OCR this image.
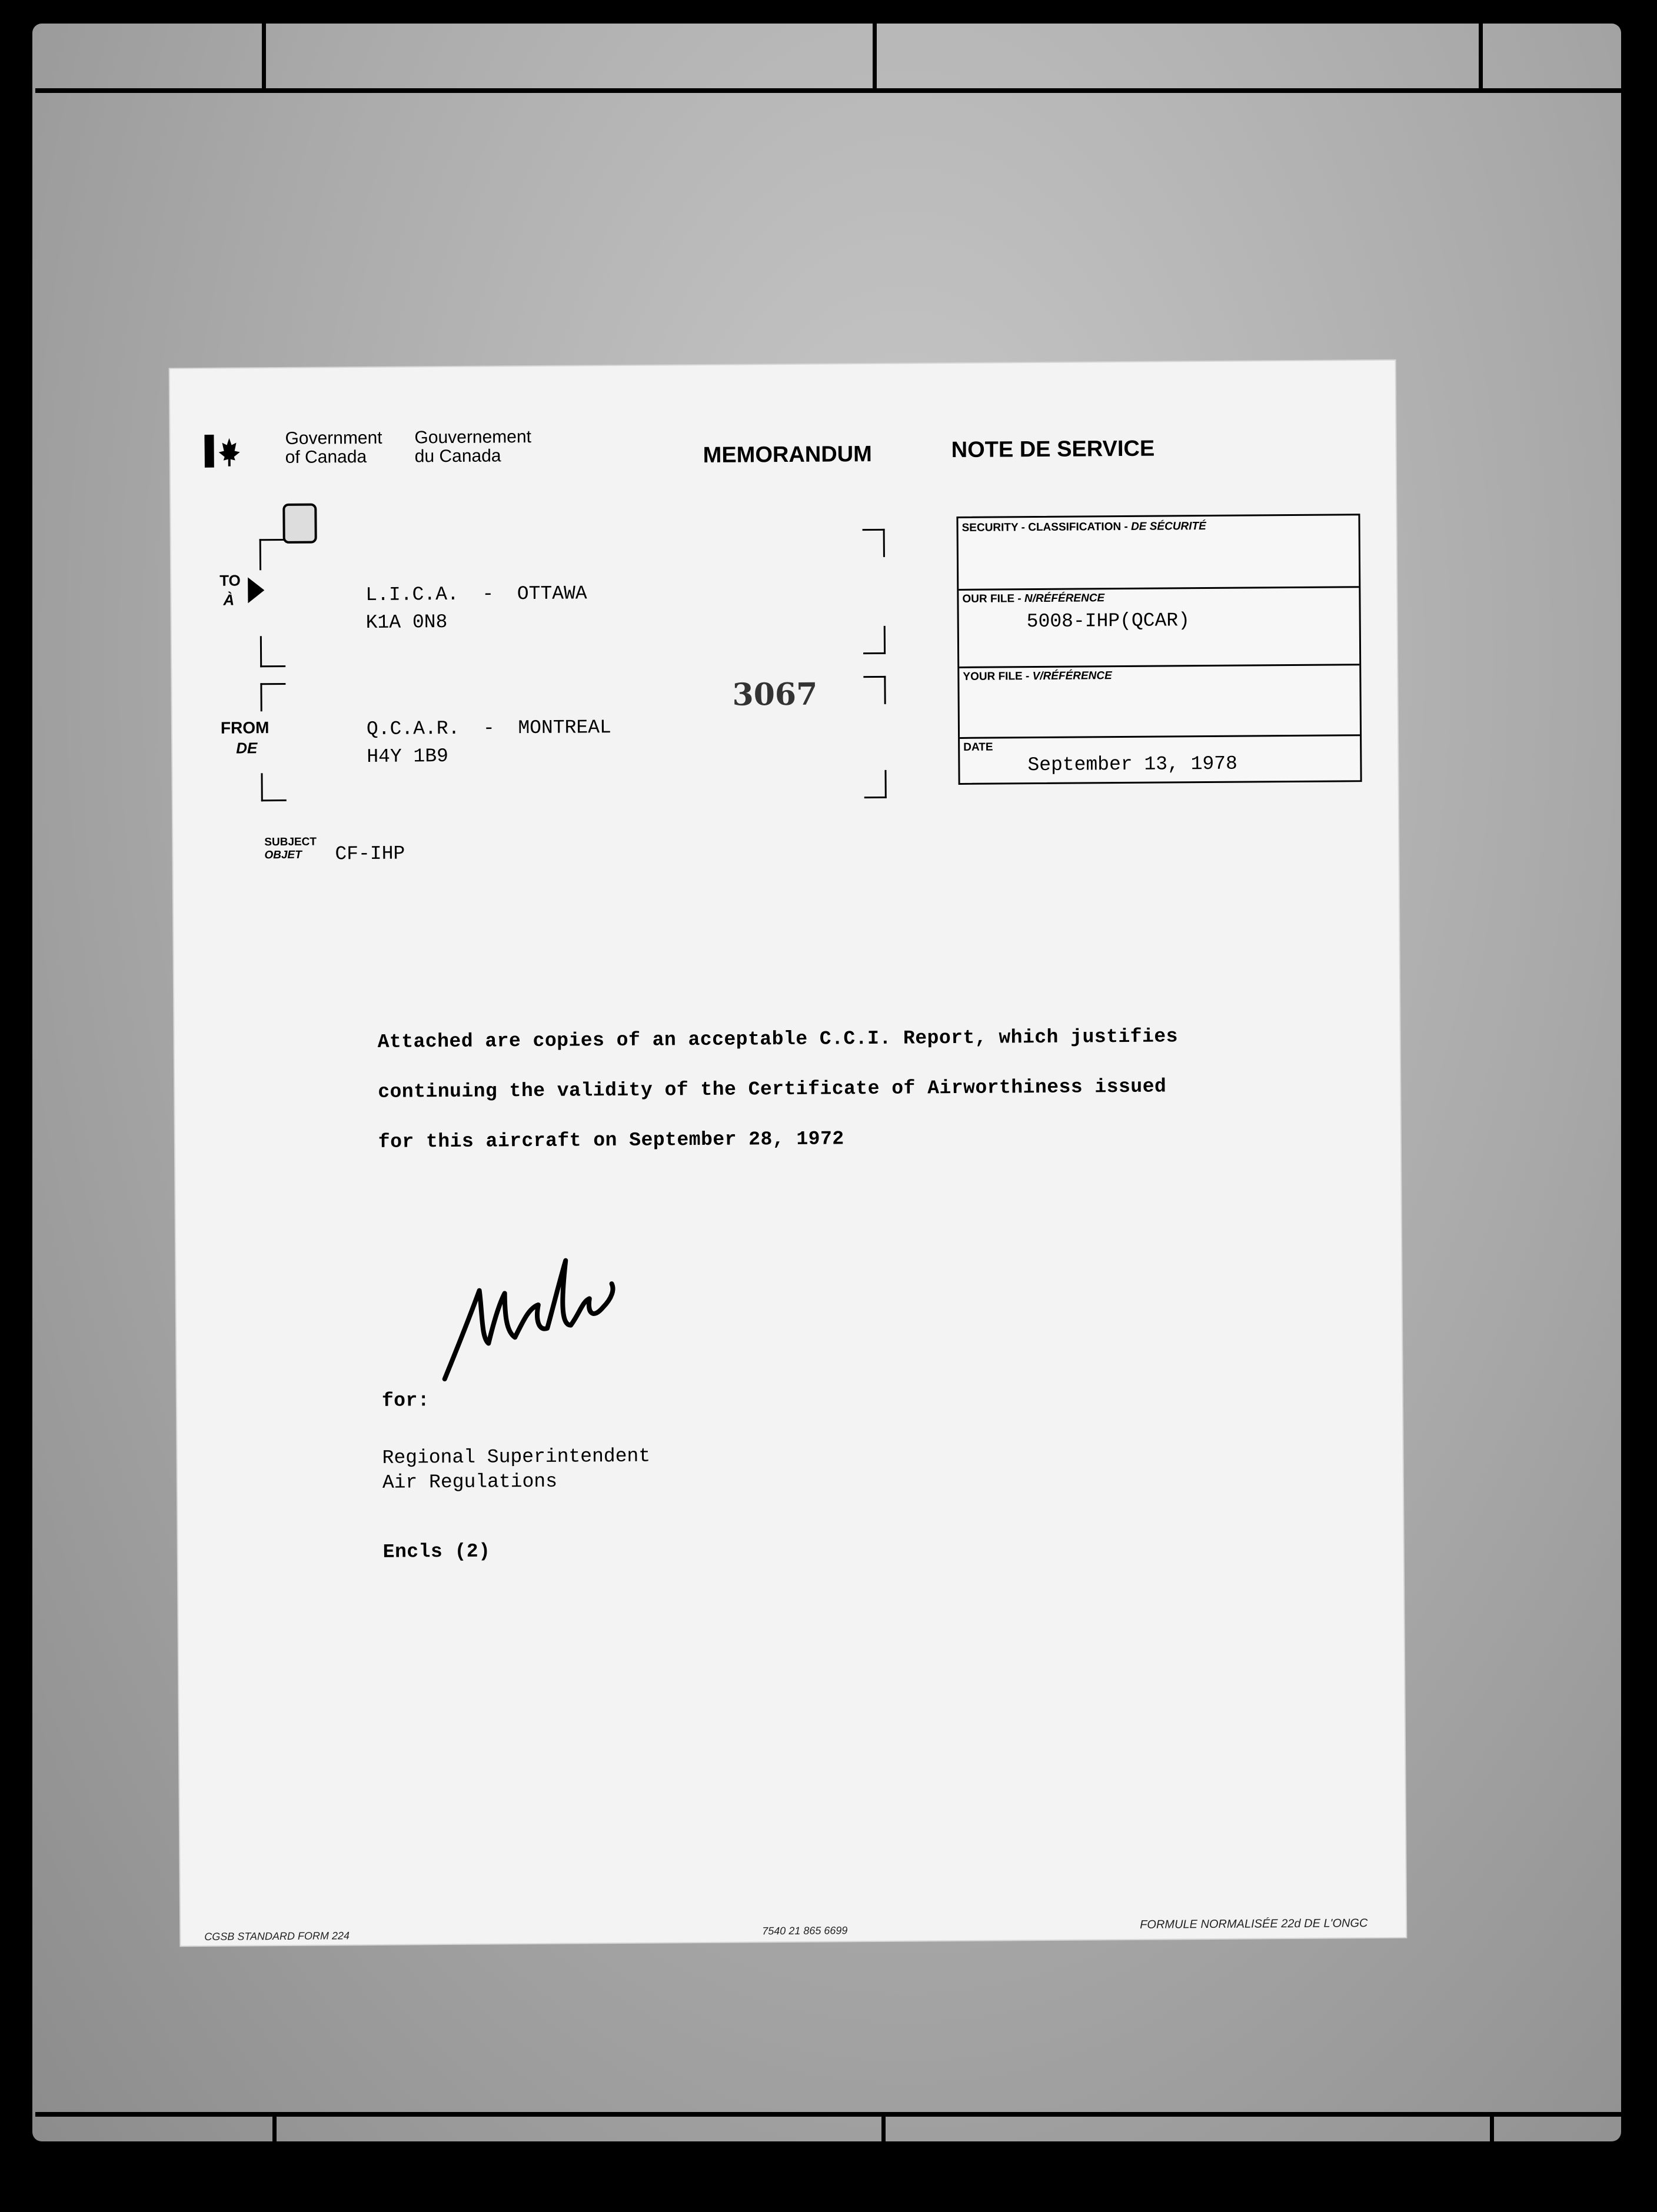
Government
of Canada
Gouvernement
du Canada	MEMORANDUM	NOTE DE SERVICE
TO
À	L.I.C.A.  -  OTTAWA
K1A 0N8
FROM
DE
Q.C.A.R.  -  MONTREAL
H4Y 1B9
3067
SECURITY - CLASSIFICATION - DE SÉCURITÉ
OUR FILE - N/RÉFÉRENCE
5008-IHP(QCAR)
YOUR FILE - V/RÉFÉRENCE
DATE
September 13, 1978
SUBJECT
OBJET	CF-IHP
Attached are copies of an acceptable C.C.I. Report, which justifies
continuing the validity of the Certificate of Airworthiness issued
for this aircraft on September 28, 1972
for:
Regional Superintendent
Air Regulations
Encls (2)
CGSB STANDARD FORM 224	7540 21 865 6699	FORMULE NORMALISÉE 22d DE L'ONGC
